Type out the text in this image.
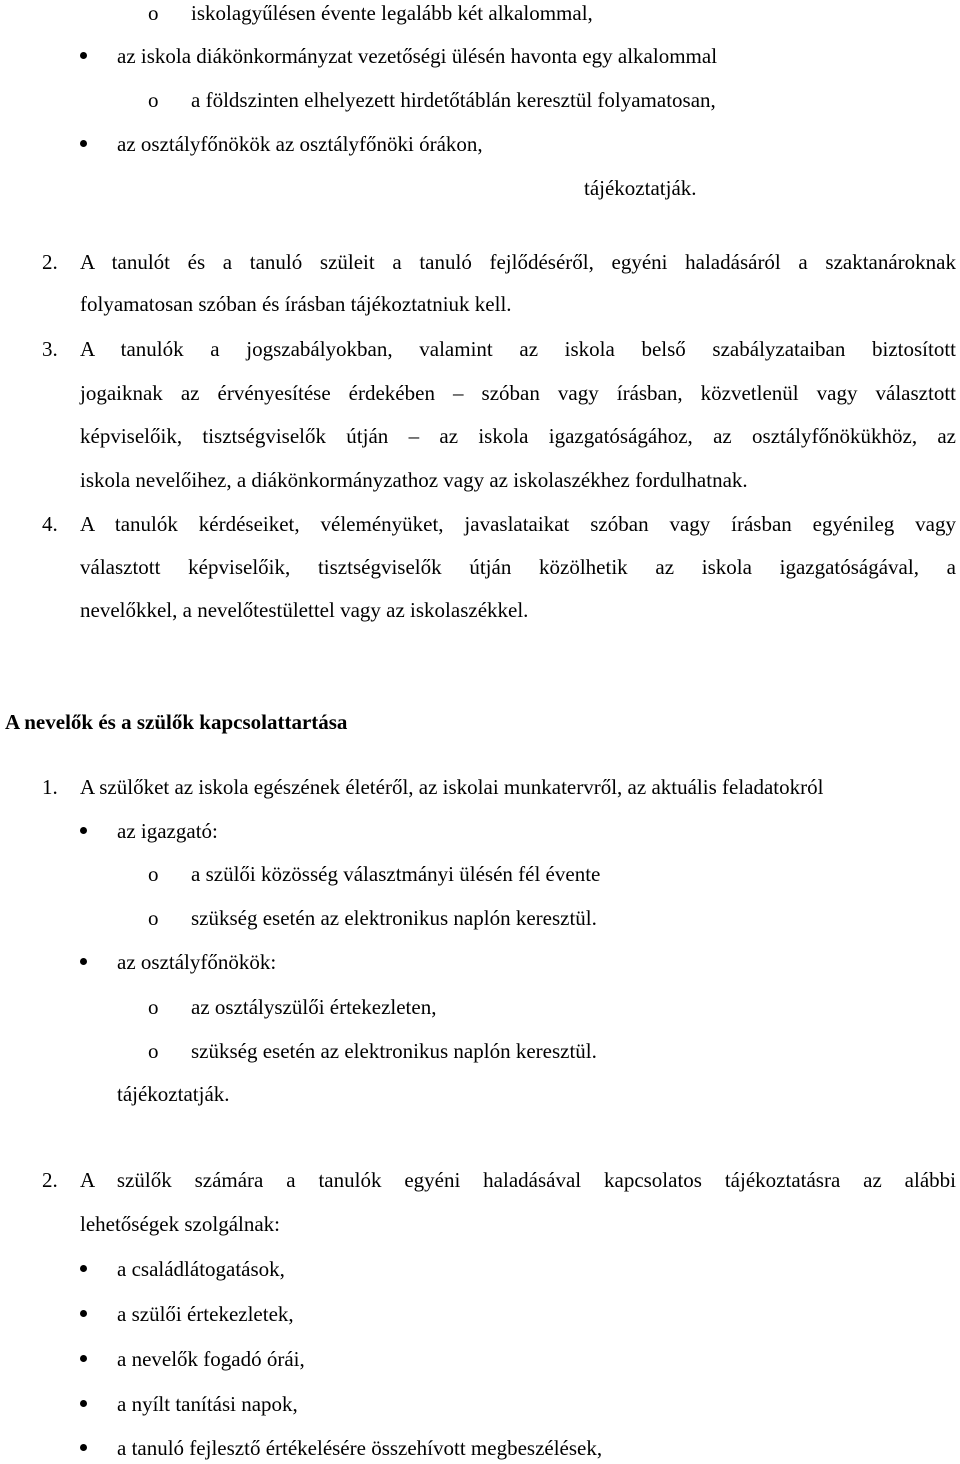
o iskolagyűlésen évente legalább két alkalommal,
az iskola diákönkormányzat vezetőségi ülésén havonta egy alkalommal
o a földszinten elhelyezett hirdetőtáblán keresztül folyamatosan,
az osztályfőnökök az osztályfőnöki órákon,
tájékoztatják.
2. A tanulót és a tanuló szüleit a tanuló fejlődéséről, egyéni haladásáról a szaktanároknak
folyamatosan szóban és írásban tájékoztatniuk kell.
3. A tanulók a jogszabályokban, valamint az iskola belső szabályzataiban biztosított
jogaiknak az érvényesítése érdekében – szóban vagy írásban, közvetlenül vagy választott
képviselőik, tisztségviselők útján – az iskola igazgatóságához, az osztályfőnökükhöz, az
iskola nevelőihez, a diákönkormányzathoz vagy az iskolaszékhez fordulhatnak.
4. A tanulók kérdéseiket, véleményüket, javaslataikat szóban vagy írásban egyénileg vagy
választott képviselőik, tisztségviselők útján közölhetik az iskola igazgatóságával, a
nevelőkkel, a nevelőtestülettel vagy az iskolaszékkel.
A nevelők és a szülők kapcsolattartása
1. A szülőket az iskola egészének életéről, az iskolai munkatervről, az aktuális feladatokról
az igazgató:
o a szülői közösség választmányi ülésén fél évente
o szükség esetén az elektronikus naplón keresztül.
az osztályfőnökök:
o az osztályszülői értekezleten,
o szükség esetén az elektronikus naplón keresztül.
tájékoztatják.
2. A szülők számára a tanulók egyéni haladásával kapcsolatos tájékoztatásra az alábbi
lehetőségek szolgálnak:
a családlátogatások,
a szülői értekezletek,
a nevelők fogadó órái,
a nyílt tanítási napok,
a tanuló fejlesztő értékelésére összehívott megbeszélések,
